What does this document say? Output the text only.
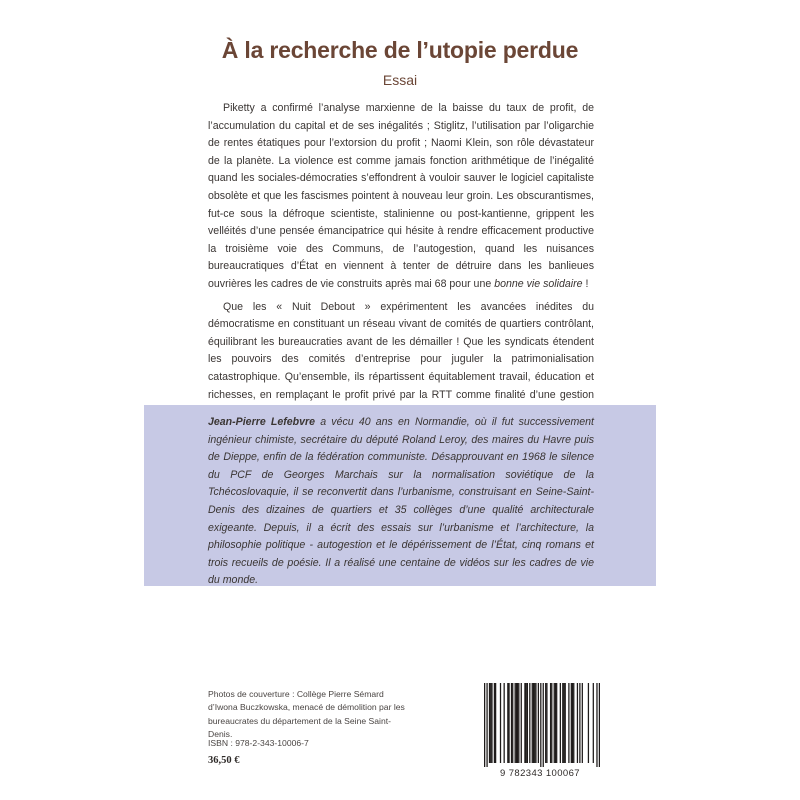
À la recherche de l’utopie perdue
Essai

Piketty a confirmé l’analyse marxienne de la baisse du taux de profit, de l’accumulation du capital et de ses inégalités ; Stiglitz, l’utilisation par l’oligarchie de rentes étatiques pour l’extorsion du profit ; Naomi Klein, son rôle dévastateur de la planète. La violence est comme jamais fonction arithmétique de l’inégalité quand les sociales-démocraties s’effondrent à vouloir sauver le logiciel capitaliste obsolète et que les fascismes pointent à nouveau leur groin. Les obscurantismes, fut-ce sous la défroque scientiste, stalinienne ou post-kantienne, grippent les velléités d’une pensée émancipatrice qui hésite à rendre efficacement productive la troisième voie des Communs, de l’autogestion, quand les nuisances bureaucratiques d’État en viennent à tenter de détruire dans les banlieues ouvrières les cadres de vie construits après mai 68 pour une bonne vie solidaire !

Que les « Nuit Debout » expérimentent les avancées inédites du démocratisme en constituant un réseau vivant de comités de quartiers contrôlant, équilibrant les bureaucraties avant de les démailler ! Que les syndicats étendent les pouvoirs des comités d’entreprise pour juguler la patrimonialisation catastrophique. Qu’ensemble, ils répartissent équitablement travail, éducation et richesses, en remplaçant le profit privé par la RTT comme finalité d’une gestion

Jean-Pierre Lefebvre a vécu 40 ans en Normandie, où il fut successivement ingénieur chimiste, secrétaire du député Roland Leroy, des maires du Havre puis de Dieppe, enfin de la fédération communiste. Désapprouvant en 1968 le silence du PCF de Georges Marchais sur la normalisation soviétique de la Tchécoslovaquie, il se reconvertit dans l’urbanisme, construisant en Seine-Saint-Denis des dizaines de quartiers et 35 collèges d’une qualité architecturale exigeante. Depuis, il a écrit des essais sur l’urbanisme et l’architecture, la philosophie politique - autogestion et le dépérissement de l’État, cinq romans et trois recueils de poésie. Il a réalisé une centaine de vidéos sur les cadres de vie du monde.

Photos de couverture : Collège Pierre Sémard d’Iwona Buczkowska, menacé de démolition par les bureaucrates du département de la Seine Saint-Denis.
ISBN : 978-2-343-10006-7
36,50 €
9 782343 100067
